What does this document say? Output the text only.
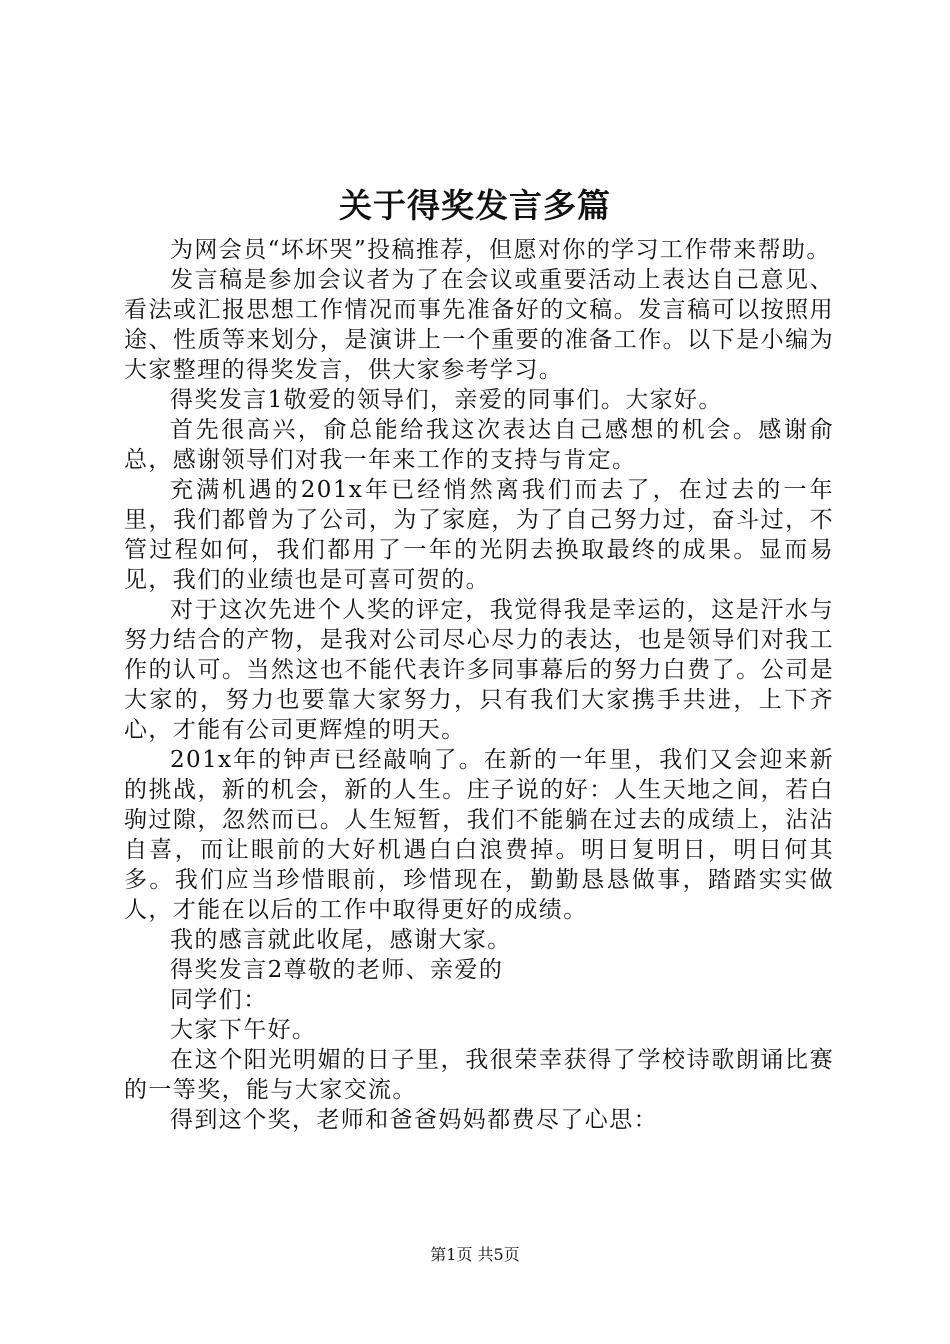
关于得奖发言多篇

为网会员“坏坏哭”投稿推荐，但愿对你的学习工作带来帮助。

发言稿是参加会议者为了在会议或重要活动上表达自己意见、看法或汇报思想工作情况而事先准备好的文稿。发言稿可以按照用途、性质等来划分，是演讲上一个重要的准备工作。以下是小编为大家整理的得奖发言，供大家参考学习。

得奖发言1敬爱的领导们，亲爱的同事们。大家好。

首先很高兴，俞总能给我这次表达自己感想的机会。感谢俞总，感谢领导们对我一年来工作的支持与肯定。

充满机遇的201x年已经悄然离我们而去了，在过去的一年里，我们都曾为了公司，为了家庭，为了自己努力过，奋斗过，不管过程如何，我们都用了一年的光阴去换取最终的成果。显而易见，我们的业绩也是可喜可贺的。

对于这次先进个人奖的评定，我觉得我是幸运的，这是汗水与努力结合的产物，是我对公司尽心尽力的表达，也是领导们对我工作的认可。当然这也不能代表许多同事幕后的努力白费了。公司是大家的，努力也要靠大家努力，只有我们大家携手共进，上下齐心，才能有公司更辉煌的明天。

201x年的钟声已经敲响了。在新的一年里，我们又会迎来新的挑战，新的机会，新的人生。庄子说的好：人生天地之间，若白驹过隙，忽然而已。人生短暂，我们不能躺在过去的成绩上，沾沾自喜，而让眼前的大好机遇白白浪费掉。明日复明日，明日何其多。我们应当珍惜眼前，珍惜现在，勤勤恳恳做事，踏踏实实做人，才能在以后的工作中取得更好的成绩。

我的感言就此收尾，感谢大家。

得奖发言2尊敬的老师、亲爱的

同学们：

大家下午好。

在这个阳光明媚的日子里，我很荣幸获得了学校诗歌朗诵比赛的一等奖，能与大家交流。

得到这个奖，老师和爸爸妈妈都费尽了心思：

第1页 共5页
